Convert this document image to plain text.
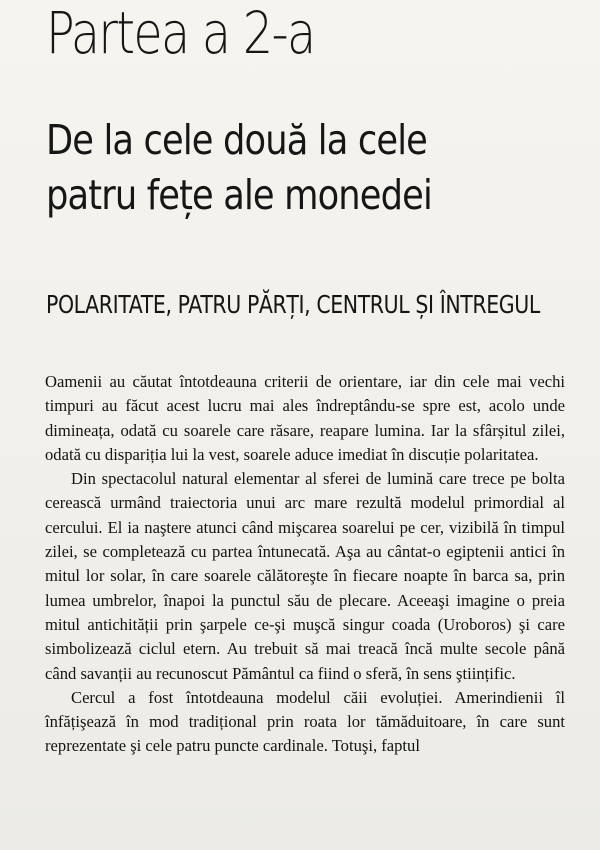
Partea a 2-a
De la cele două la cele
patru fețe ale monedei
POLARITATE, PATRU PĂRȚI, CENTRUL ȘI ÎNTREGUL

Oamenii au căutat întotdeauna criterii de orientare, iar din cele mai vechi timpuri au făcut acest lucru mai ales îndreptându-se spre est, acolo unde dimineața, odată cu soarele care răsare, reapare lumina. Iar la sfârșitul zilei, odată cu dispariția lui la vest, soarele aduce imediat în discuție polaritatea.

Din spectacolul natural elementar al sferei de lumină care trece pe bolta cerească urmând traiectoria unui arc mare rezultă modelul primordial al cercului. El ia naştere atunci când mişcarea soarelui pe cer, vizibilă în timpul zilei, se completează cu partea întunecată. Aşa au cântat-o egiptenii antici în mitul lor solar, în care soarele călătoreşte în fiecare noapte în barca sa, prin lumea umbrelor, înapoi la punctul său de plecare. Aceeaşi imagine o preia mitul antichității prin şarpele ce-şi muşcă singur coada (Uroboros) şi care simbolizează ciclul etern. Au trebuit să mai treacă încă multe secole până când savanții au recunoscut Pământul ca fiind o sferă, în sens ştiințific.

Cercul a fost întotdeauna modelul căii evoluției. Amerindienii îl înfățişează în mod tradițional prin roata lor tămăduitoare, în care sunt reprezentate şi cele patru puncte cardinale. Totuşi, faptul
